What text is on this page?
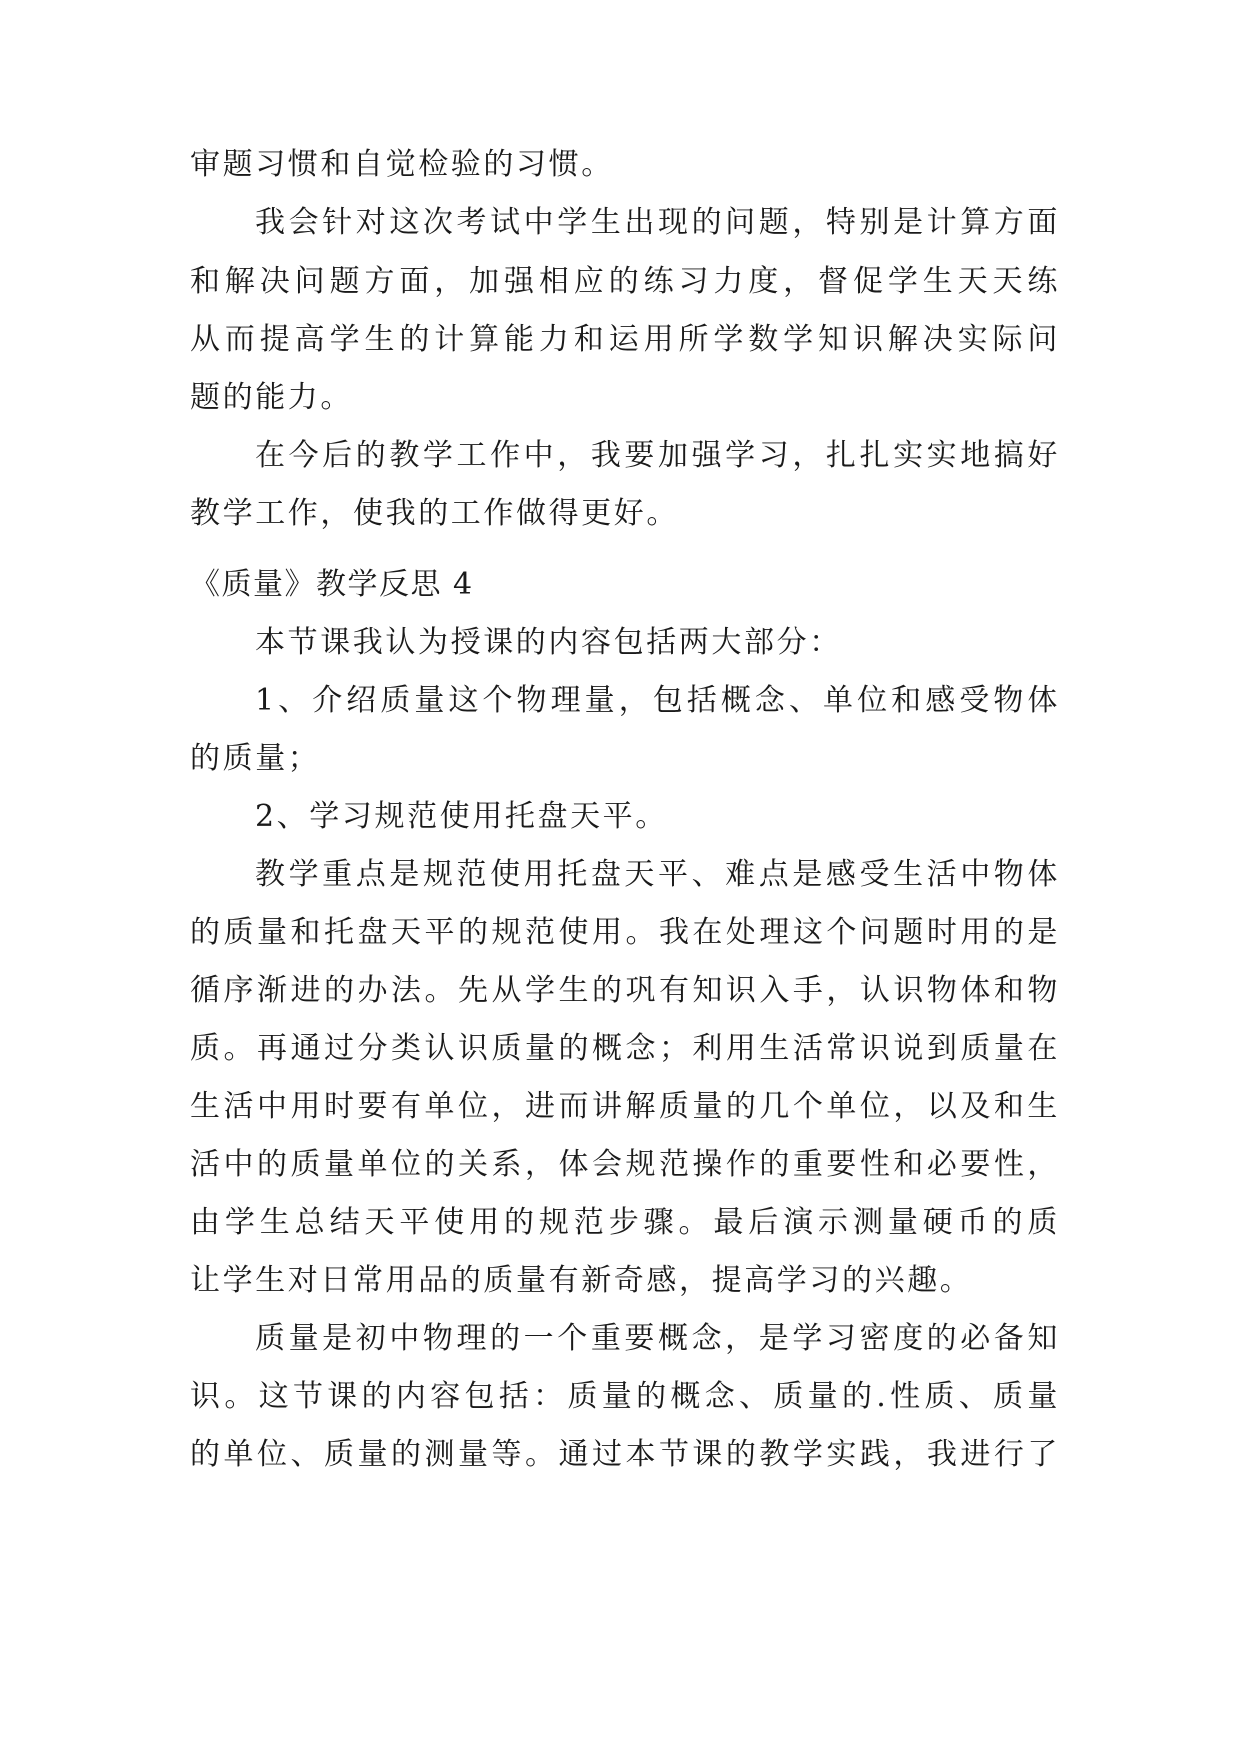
审题习惯和自觉检验的习惯。
我会针对这次考试中学生出现的问题，特别是计算方面
和解决问题方面，加强相应的练习力度，督促学生天天练
从而提高学生的计算能力和运用所学数学知识解决实际问
题的能力。
在今后的教学工作中，我要加强学习，扎扎实实地搞好
教学工作，使我的工作做得更好。
《质量》教学反思 4
本节课我认为授课的内容包括两大部分：
1、介绍质量这个物理量，包括概念、单位和感受物体
的质量；
2、学习规范使用托盘天平。
教学重点是规范使用托盘天平、难点是感受生活中物体
的质量和托盘天平的规范使用。我在处理这个问题时用的是
循序渐进的办法。先从学生的巩有知识入手，认识物体和物
质。再通过分类认识质量的概念；利用生活常识说到质量在
生活中用时要有单位，进而讲解质量的几个单位，以及和生
活中的质量单位的关系，体会规范操作的重要性和必要性，
由学生总结天平使用的规范步骤。最后演示测量硬币的质
让学生对日常用品的质量有新奇感，提高学习的兴趣。
质量是初中物理的一个重要概念，是学习密度的必备知
识。这节课的内容包括：质量的概念、质量的.性质、质量
的单位、质量的测量等。通过本节课的教学实践，我进行了
